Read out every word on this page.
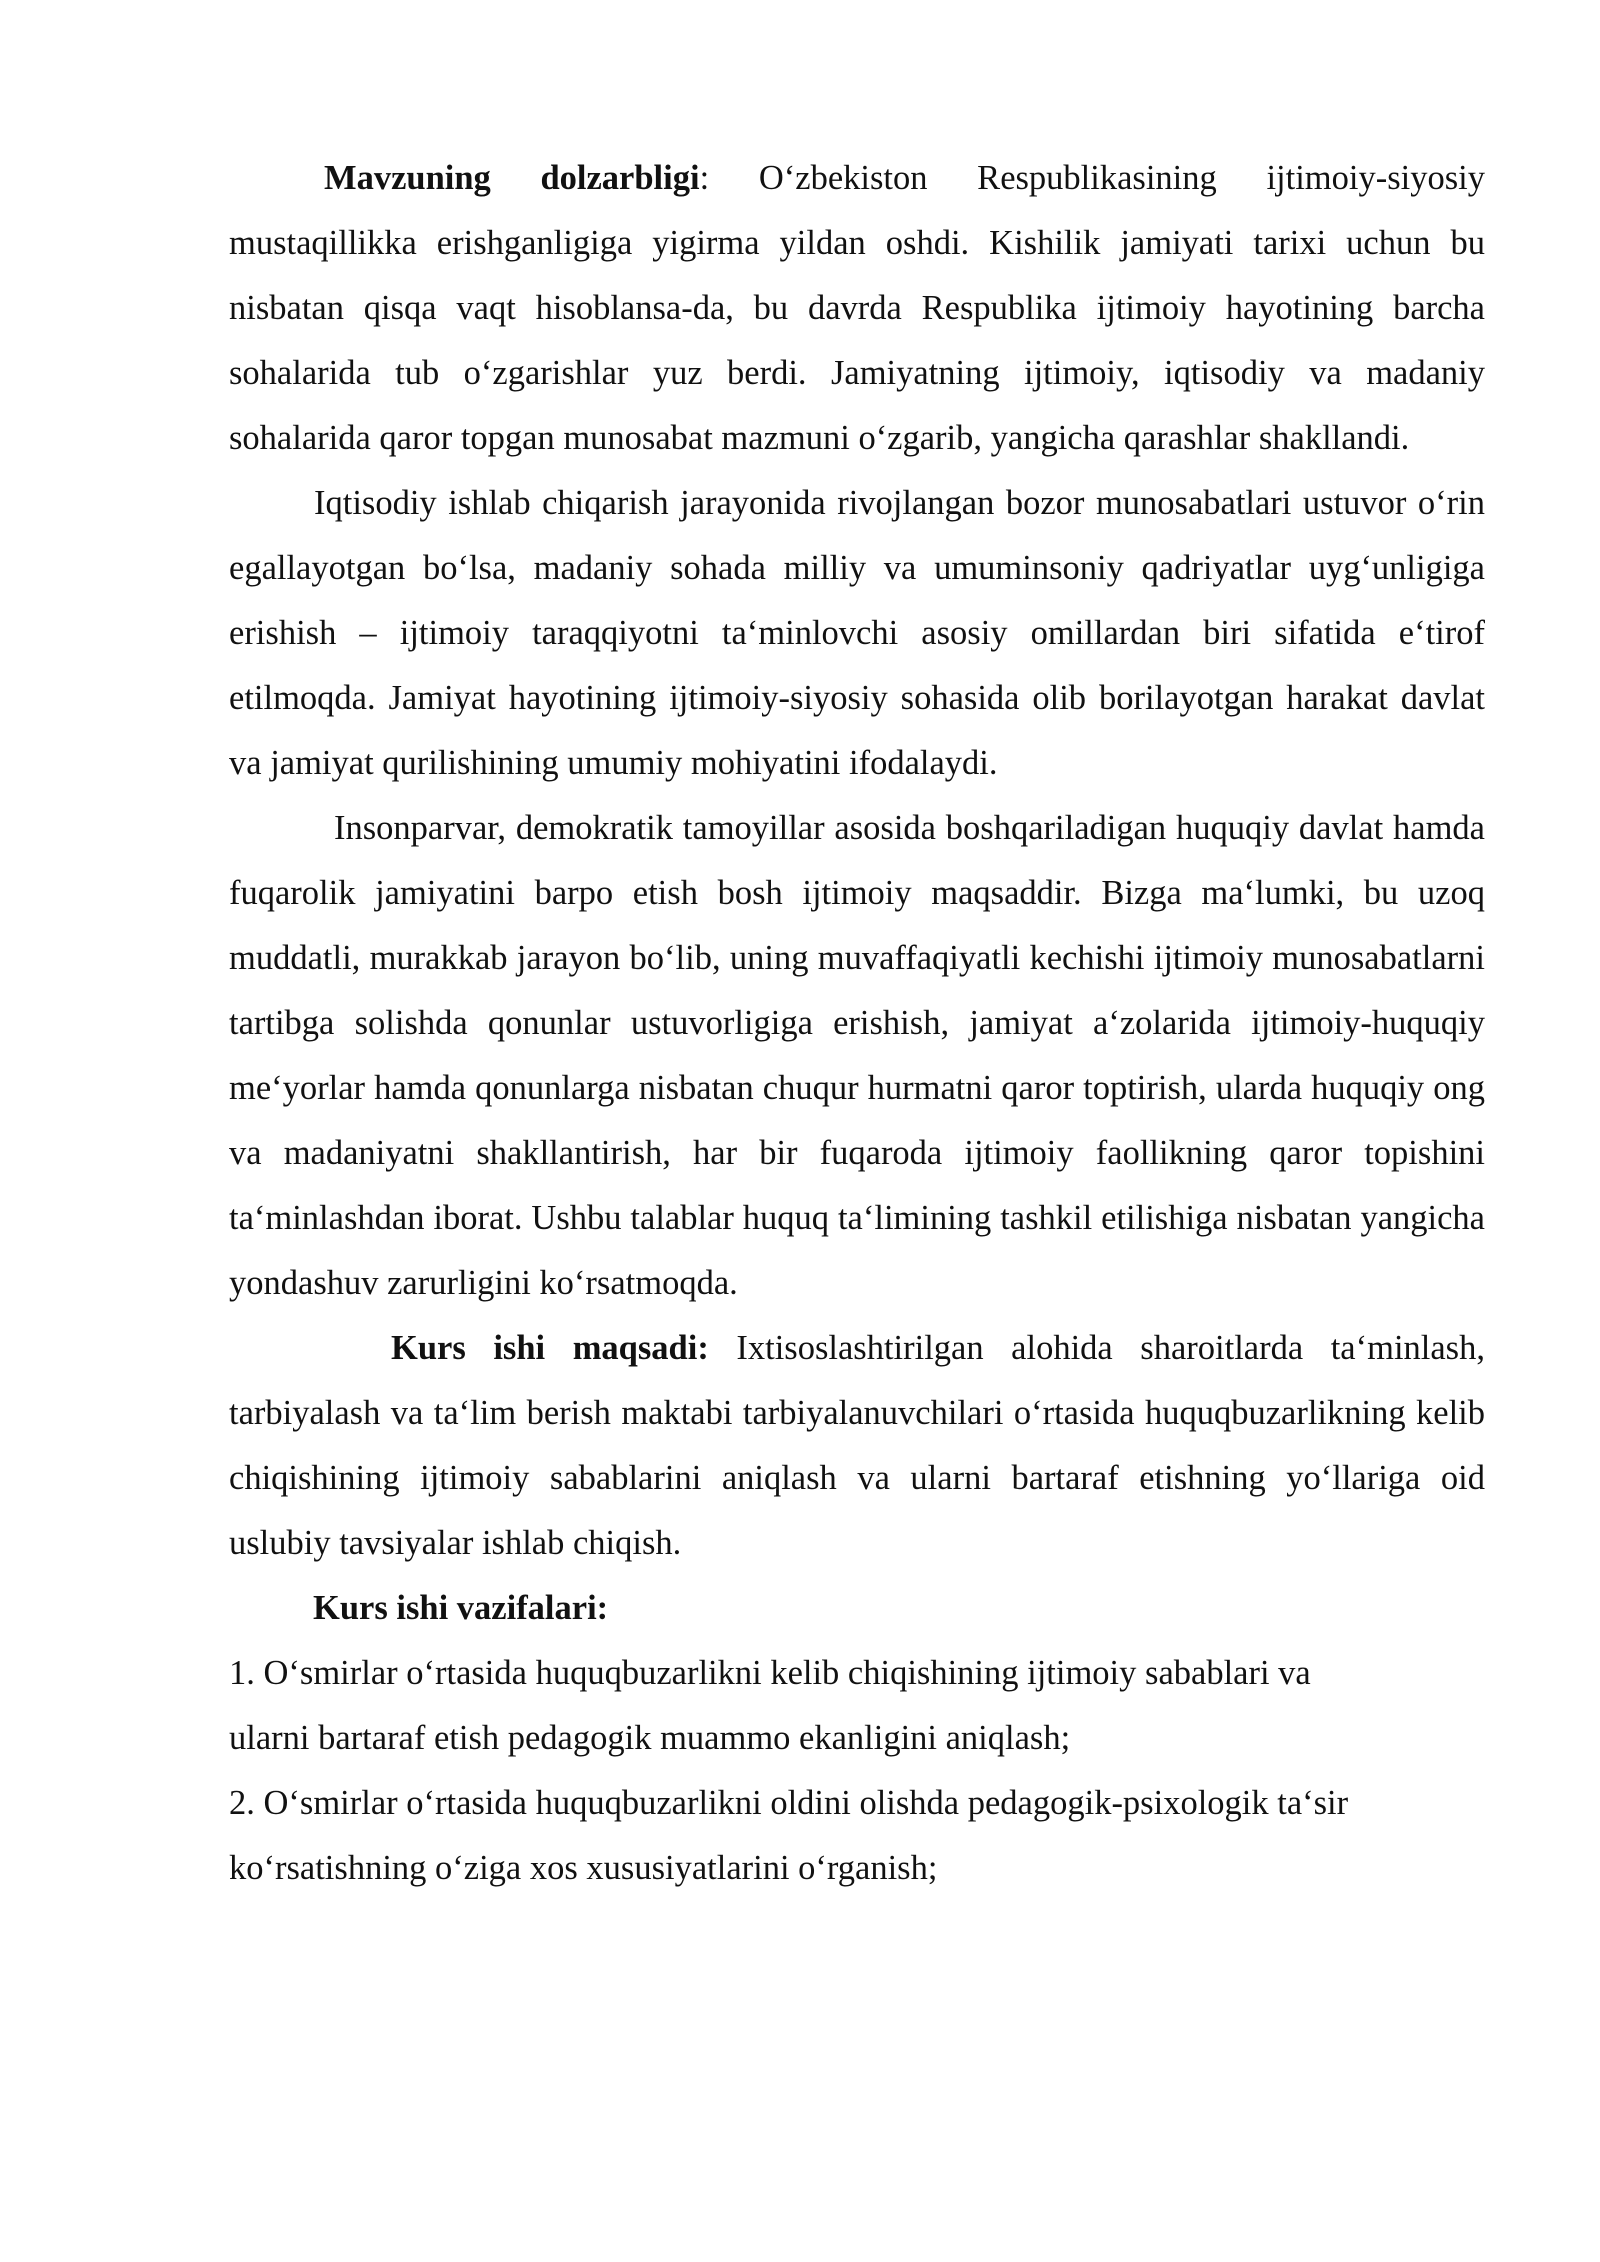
Mavzuning dolzarbligi: O‘zbekiston Respublikasining ijtimoiy-siyosiy mustaqillikka erishganligiga yigirma yildan oshdi. Kishilik jamiyati tarixi uchun bu nisbatan qisqa vaqt hisoblansa-da, bu davrda Respublika ijtimoiy hayotining barcha sohalarida tub o‘zgarishlar yuz berdi. Jamiyatning ijtimoiy, iqtisodiy va madaniy sohalarida qaror topgan munosabat mazmuni o‘zgarib, yangicha qarashlar shakllandi.

Iqtisodiy ishlab chiqarish jarayonida rivojlangan bozor munosabatlari ustuvor o‘rin egallayotgan bo‘lsa, madaniy sohada milliy va umuminsoniy qadriyatlar uyg‘unligiga erishish – ijtimoiy taraqqiyotni ta‘minlovchi asosiy omillardan biri sifatida e‘tirof etilmoqda. Jamiyat hayotining ijtimoiy-siyosiy sohasida olib borilayotgan harakat davlat va jamiyat qurilishining umumiy mohiyatini ifodalaydi.

Insonparvar, demokratik tamoyillar asosida boshqariladigan huquqiy davlat hamda fuqarolik jamiyatini barpo etish bosh ijtimoiy maqsaddir. Bizga ma‘lumki, bu uzoq muddatli, murakkab jarayon bo‘lib, uning muvaffaqiyatli kechishi ijtimoiy munosabatlarni tartibga solishda qonunlar ustuvorligiga erishish, jamiyat a‘zolarida ijtimoiy-huquqiy me‘yorlar hamda qonunlarga nisbatan chuqur hurmatni qaror toptirish, ularda huquqiy ong va madaniyatni shakllantirish, har bir fuqaroda ijtimoiy faollikning qaror topishini ta‘minlashdan iborat. Ushbu talablar huquq ta‘limining tashkil etilishiga nisbatan yangicha yondashuv zarurligini ko‘rsatmoqda.

Kurs ishi maqsadi: Ixtisoslashtirilgan alohida sharoitlarda ta‘minlash, tarbiyalash va ta‘lim berish maktabi tarbiyalanuvchilari o‘rtasida huquqbuzarlikning kelib chiqishining ijtimoiy sabablarini aniqlash va ularni bartaraf etishning yo‘llariga oid uslubiy tavsiyalar ishlab chiqish.

Kurs ishi vazifalari:

1. O‘smirlar o‘rtasida huquqbuzarlikni kelib chiqishining ijtimoiy sabablari va
ularni bartaraf etish pedagogik muammo ekanligini aniqlash;
2. O‘smirlar o‘rtasida huquqbuzarlikni oldini olishda pedagogik-psixologik ta‘sir
ko‘rsatishning o‘ziga xos xususiyatlarini o‘rganish;
